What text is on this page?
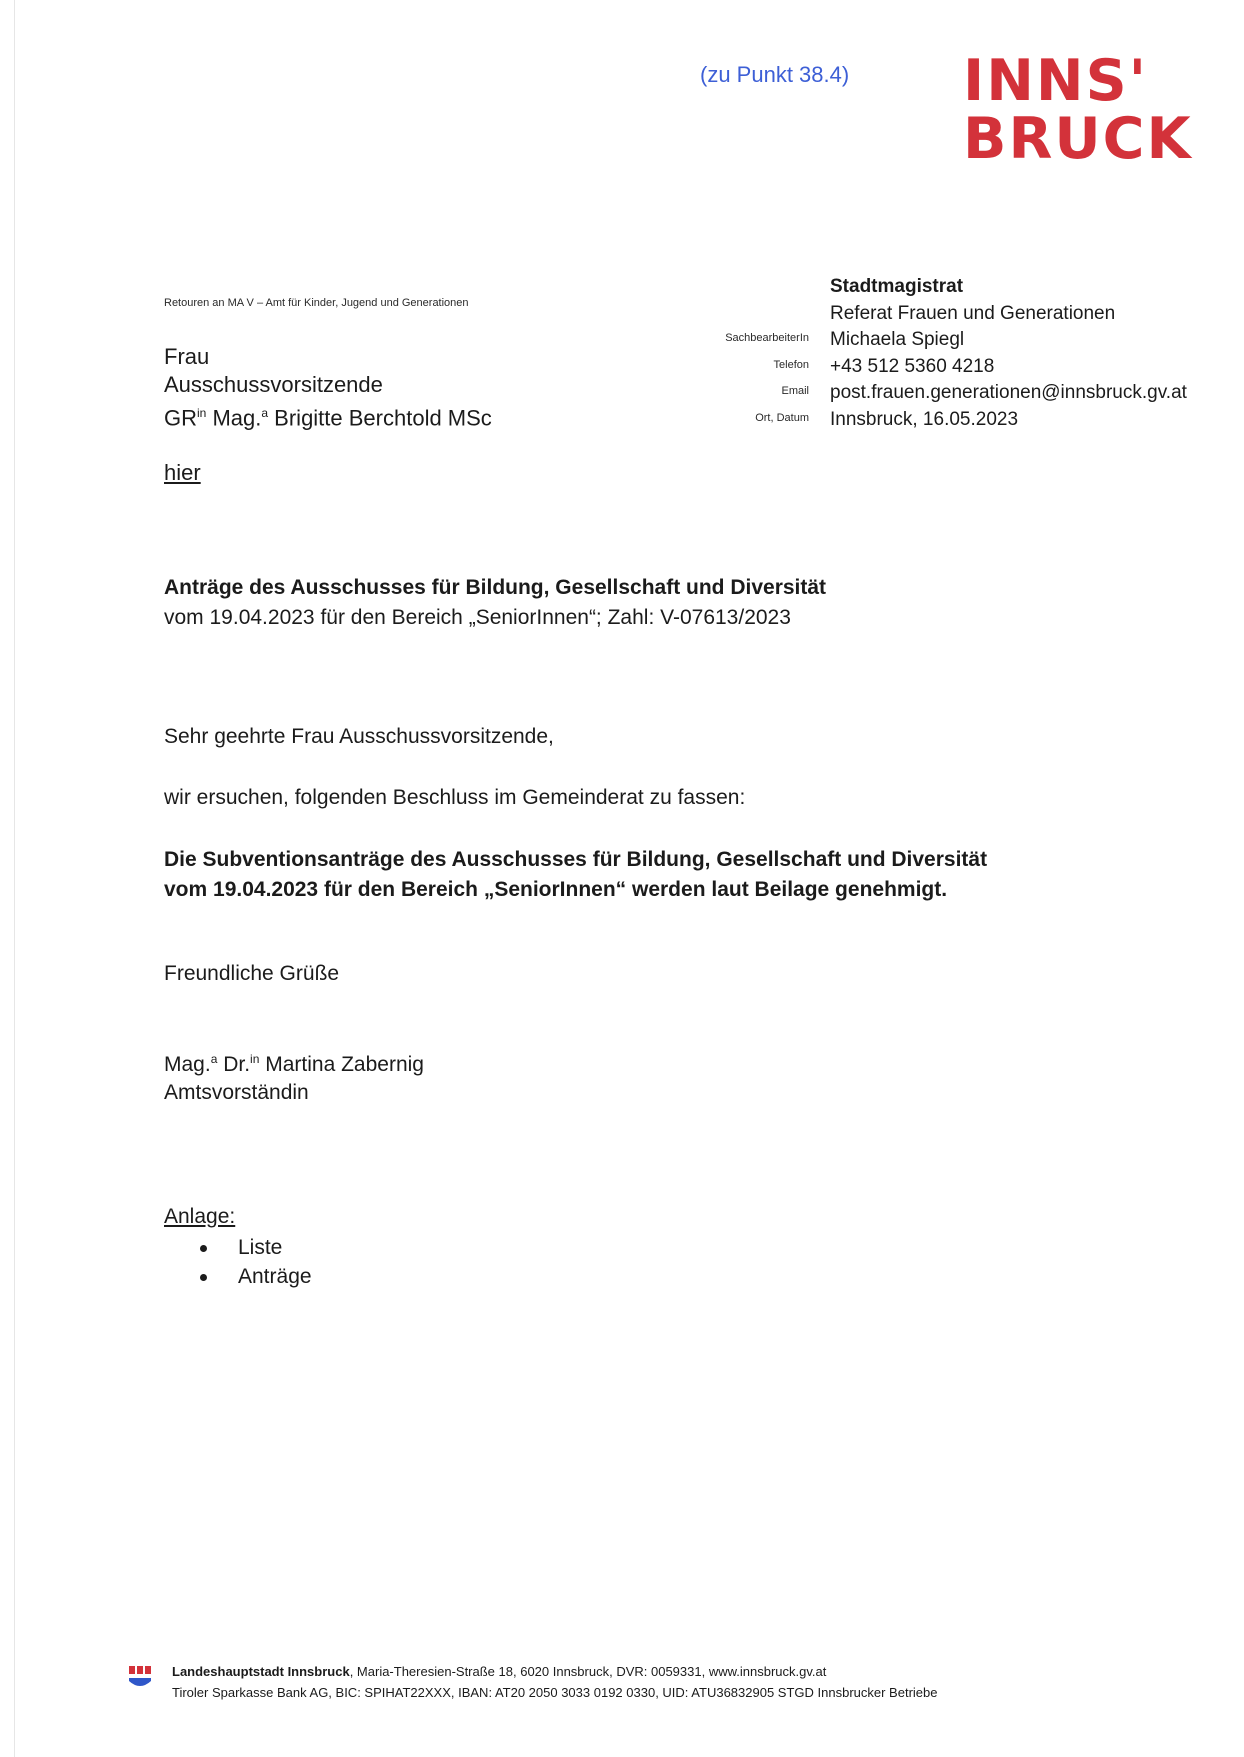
(zu Punkt 38.4) INNS'
BRUCK
Retouren an MA V – Amt für Kinder, Jugend und Generationen
Frau
Ausschussvorsitzende
$GR^{in}$ Mag.$^a$ Brigitte Berchtold MSc
hier
SachbearbeiterIn
Telefon
Email
Ort, Datum
Stadtmagistrat
Referat Frauen und Generationen
Michaela Spiegl
+43 512 5360 4218
post.frauen.generationen@innsbruck.gv.at
Innsbruck, 16.05.2023
Anträge des Ausschusses für Bildung, Gesellschaft und Diversität
vom 19.04.2023 für den Bereich „SeniorInnen“; Zahl: V-07613/2023
Sehr geehrte Frau Ausschussvorsitzende,
wir ersuchen, folgenden Beschluss im Gemeinderat zu fassen:
Die Subventionsanträge des Ausschusses für Bildung, Gesellschaft und Diversität
vom 19.04.2023 für den Bereich „SeniorInnen“ werden laut Beilage genehmigt.
Freundliche Grüße
Mag.$^a$ Dr.$^{in}$ Martina Zabernig
Amtsvorständin
Anlage:
Liste
Anträge
Landeshauptstadt Innsbruck, Maria-Theresien-Straße 18, 6020 Innsbruck, DVR: 0059331, www.innsbruck.gv.at
Tiroler Sparkasse Bank AG, BIC: SPIHAT22XXX, IBAN: AT20 2050 3033 0192 0330, UID: ATU36832905 STGD Innsbrucker Betriebe
